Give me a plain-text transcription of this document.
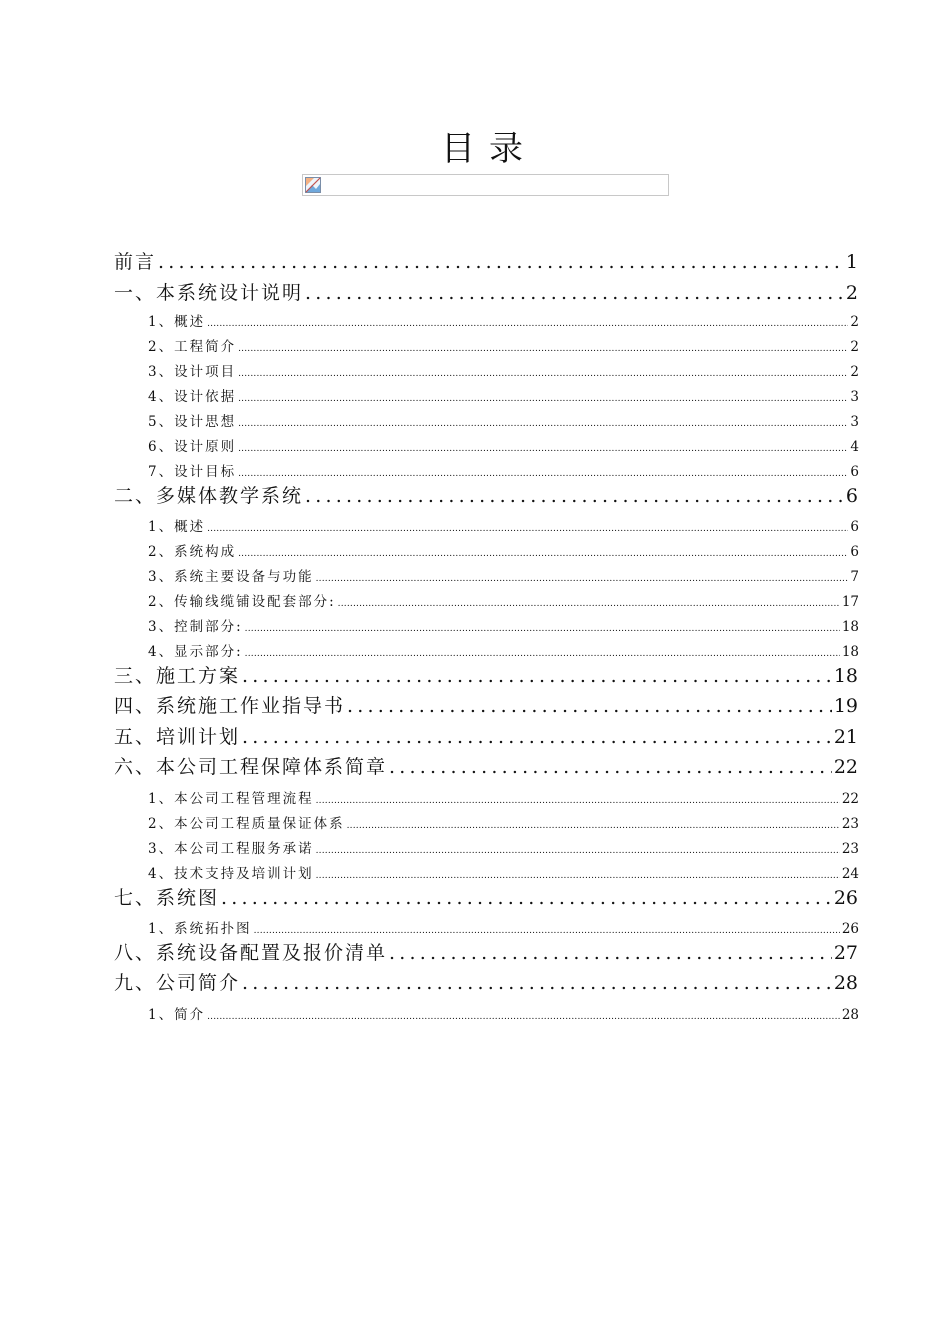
目录
前言 .....	1
一、本系统设计说明 .....	2
1、概述 .....	2
2、工程简介 .....	2
3、设计项目 .....	2
4、设计依据 .....	3
5、设计思想 .....	3
6、设计原则 .....	4
7、设计目标 .....	6
二、多媒体教学系统 .....	6
1、概述 .....	6
2、系统构成 .....	6
3、系统主要设备与功能 .....	7
2、传输线缆铺设配套部分: .....	17
3、控制部分: .....	18
4、显示部分: .....	18
三、施工方案 .....	18
四、系统施工作业指导书 .....	19
五、培训计划 .....	21
六、本公司工程保障体系简章 .....	22
1、本公司工程管理流程 .....	22
2、本公司工程质量保证体系 .....	23
3、本公司工程服务承诺 .....	23
4、技术支持及培训计划 .....	24
七、系统图 .....	26
1、系统拓扑图 .....	26
八、系统设备配置及报价清单 .....	27
九、公司简介 .....	28
1、简介 .....	28
